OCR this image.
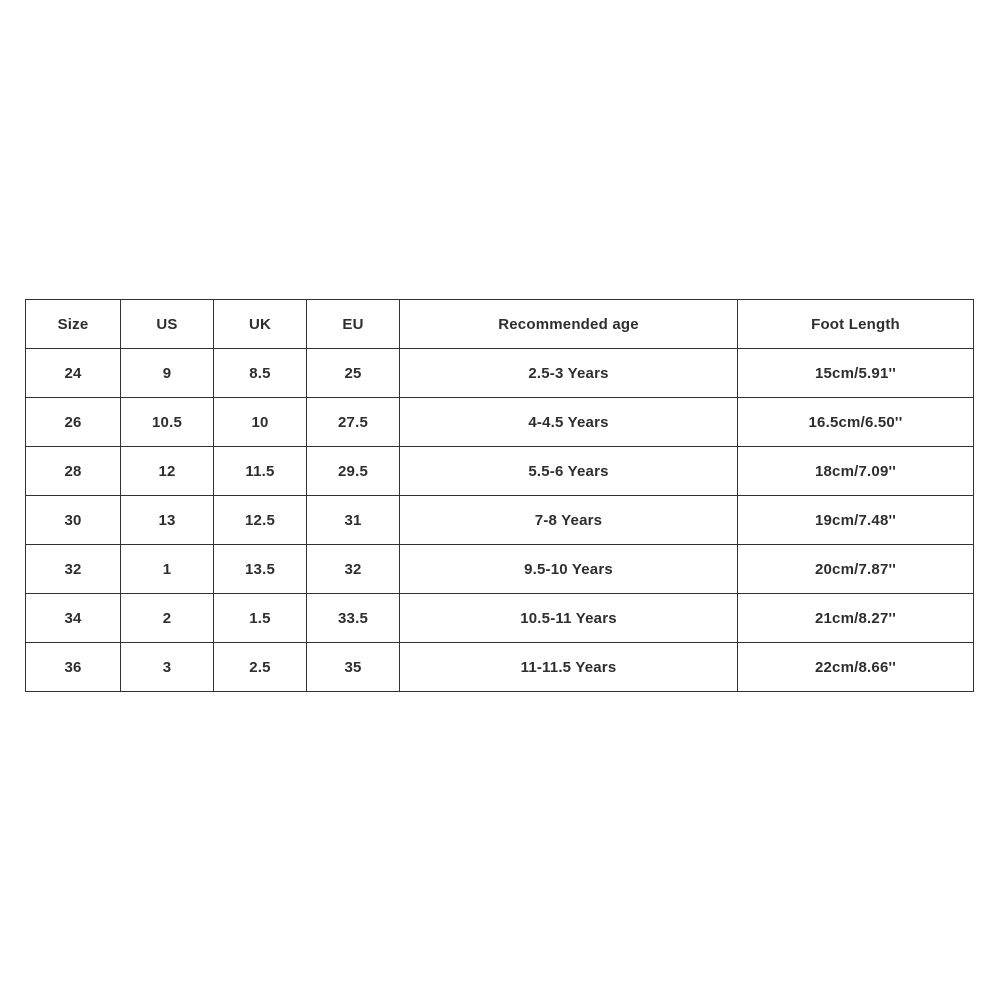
Size	US	UK	EU	Recommended age	Foot Length
24	9	8.5	25	2.5-3 Years	15cm/5.91''
26	10.5	10	27.5	4-4.5 Years	16.5cm/6.50''
28	12	11.5	29.5	5.5-6 Years	18cm/7.09''
30	13	12.5	31	7-8 Years	19cm/7.48''
32	1	13.5	32	9.5-10 Years	20cm/7.87''
34	2	1.5	33.5	10.5-11 Years	21cm/8.27''
36	3	2.5	35	11-11.5 Years	22cm/8.66''
